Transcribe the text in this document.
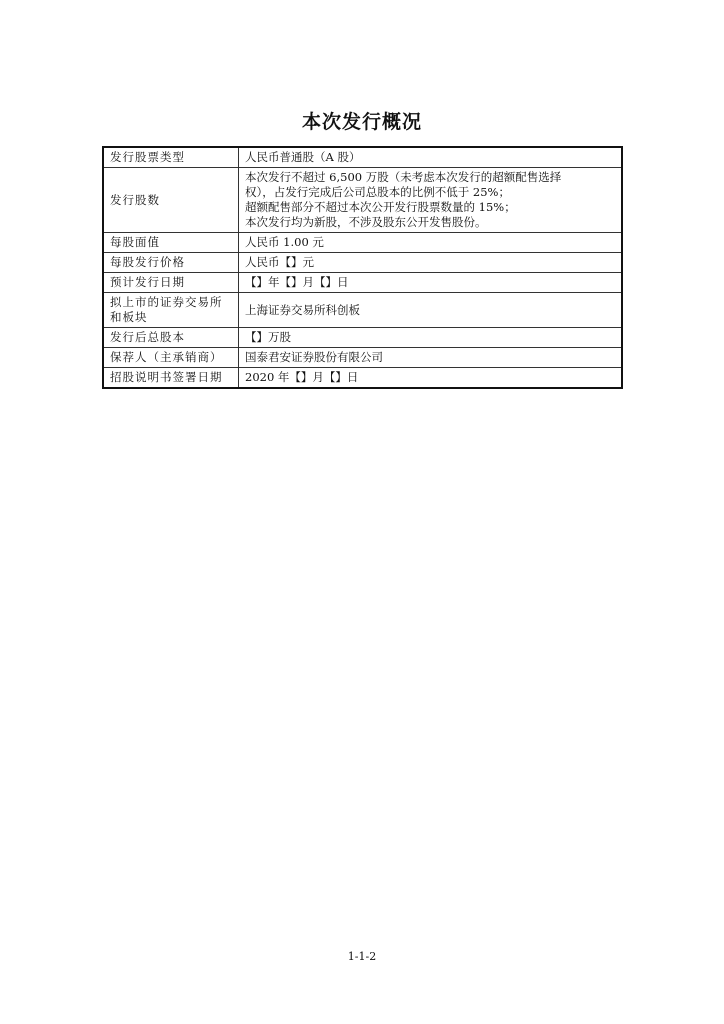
本次发行概况
发行股票类型	人民币普通股（A 股）
发行股数	本次发行不超过 6,500 万股（未考虑本次发行的超额配售选择
权），占发行完成后公司总股本的比例不低于 25%；
超额配售部分不超过本次公开发行股票数量的 15%；
本次发行均为新股，不涉及股东公开发售股份。

每股面值	人民币 1.00 元
每股发行价格	人民币【】元
预计发行日期	【】年【】月【】日

拟上市的证券交易所
和板块	上海证券交易所科创板
发行后总股本	【】万股
保荐人（主承销商）	国泰君安证券股份有限公司
招股说明书签署日期	2020 年【】月【】日
1-1-2
